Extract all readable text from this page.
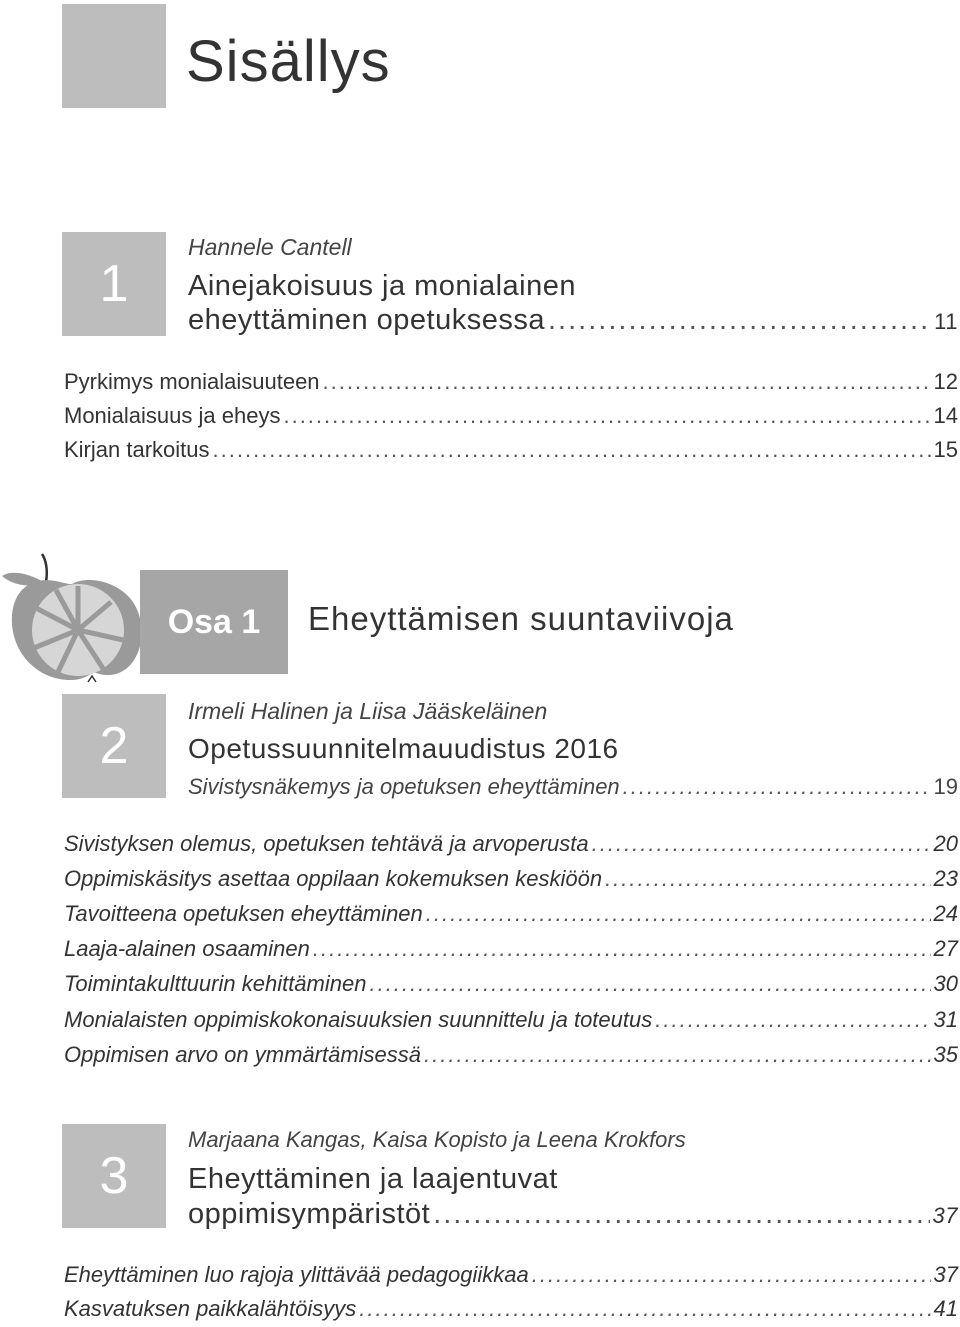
Sisällys
1
Hannele Cantell
Ainejakoisuus ja monialainen
eheyttäminen opetuksessa .....	11
Pyrkimys monialaisuuteen .....	12
Monialaisuus ja eheys .....	14
Kirjan tarkoitus .....	15
Osa 1	Eheyttämisen suuntaviivoja
2
Irmeli Halinen ja Liisa Jääskeläinen
Opetussuunnitelmauudistus 2016
Sivistysnäkemys ja opetuksen eheyttäminen .....	19
Sivistyksen olemus, opetuksen tehtävä ja arvoperusta .....	20
Oppimiskäsitys asettaa oppilaan kokemuksen keskiöön .....	23
Tavoitteena opetuksen eheyttäminen .....	24
Laaja-alainen osaaminen .....	27
Toimintakulttuurin kehittäminen .....	30
Monialaisten oppimiskokonaisuuksien suunnittelu ja toteutus .....	31
Oppimisen arvo on ymmärtämisessä .....	35
3
Marjaana Kangas, Kaisa Kopisto ja Leena Krokfors
Eheyttäminen ja laajentuvat
oppimisympäristöt .....	37
Eheyttäminen luo rajoja ylittävää pedagogiikkaa .....	37
Kasvatuksen paikkalähtöisyys .....	41
